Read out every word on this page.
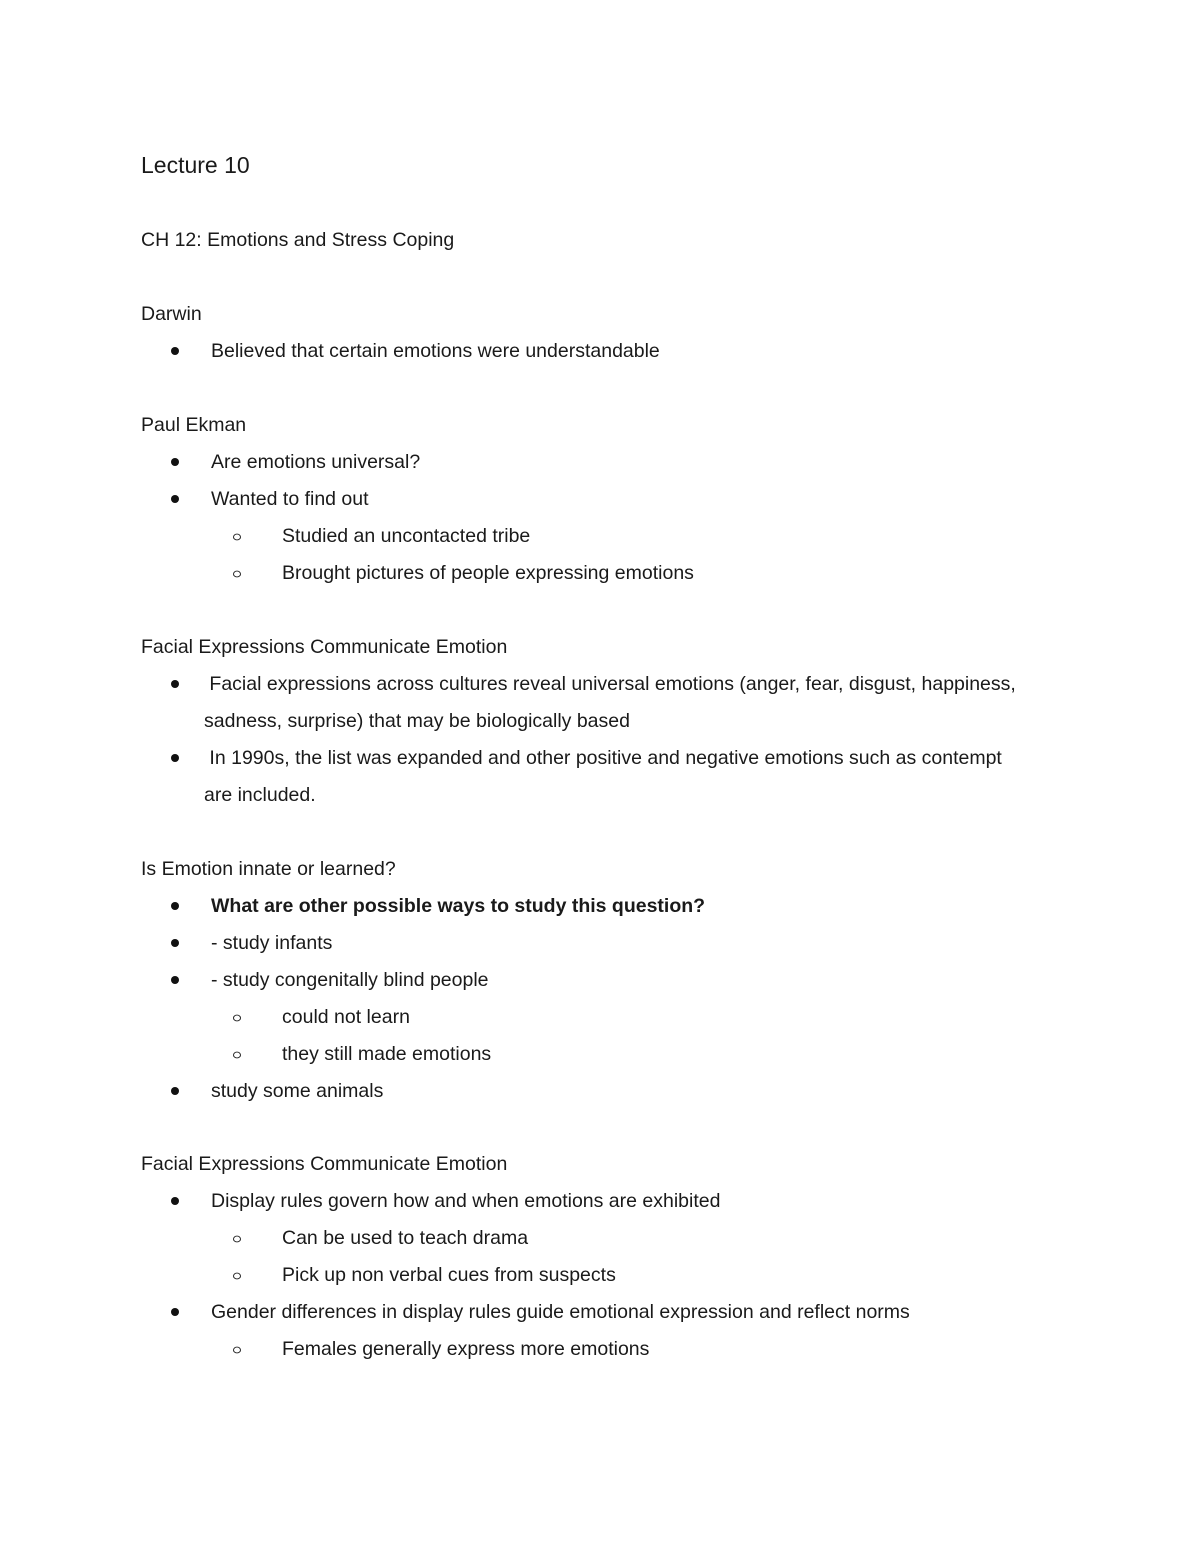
Lecture 10
CH 12: Emotions and Stress Coping
Darwin
Believed that certain emotions were understandable
Paul Ekman
Are emotions universal?
Wanted to find out
Studied an uncontacted tribe
Brought pictures of people expressing emotions
Facial Expressions Communicate Emotion
Facial expressions across cultures reveal universal emotions (anger, fear, disgust, happiness,
sadness, surprise) that may be biologically based
In 1990s, the list was expanded and other positive and negative emotions such as contempt
are included.
Is Emotion innate or learned?
What are other possible ways to study this question?
- study infants
- study congenitally blind people
could not learn
they still made emotions
study some animals
Facial Expressions Communicate Emotion
Display rules govern how and when emotions are exhibited
Can be used to teach drama
Pick up non verbal cues from suspects
Gender differences in display rules guide emotional expression and reflect norms
Females generally express more emotions
